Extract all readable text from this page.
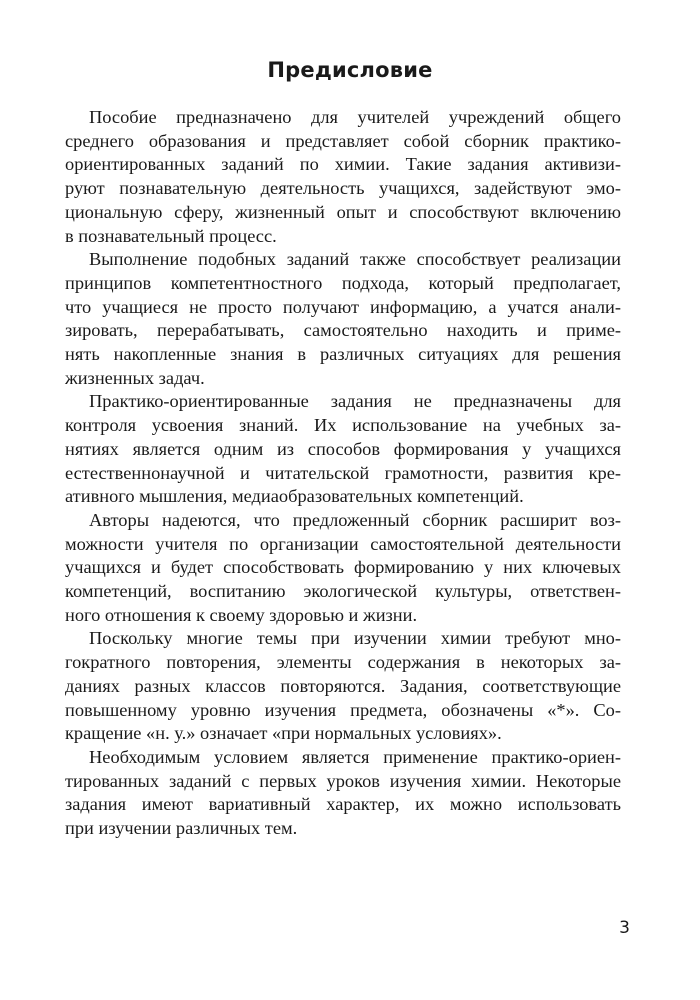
Предисловие
Пособие предназначено для учителей учреждений общего
среднего образования и представляет собой сборник практико-
ориентированных заданий по химии. Такие задания активизи-
руют познавательную деятельность учащихся, задействуют эмо-
циональную сферу, жизненный опыт и способствуют включению
в познавательный процесс.
Выполнение подобных заданий также способствует реализации
принципов компетентностного подхода, который предполагает,
что учащиеся не просто получают информацию, а учатся анали-
зировать, перерабатывать, самостоятельно находить и приме-
нять накопленные знания в различных ситуациях для решения
жизненных задач.
Практико-ориентированные задания не предназначены для
контроля усвоения знаний. Их использование на учебных за-
нятиях является одним из способов формирования у учащихся
естественнонаучной и читательской грамотности, развития кре-
ативного мышления, медиаобразовательных компетенций.
Авторы надеются, что предложенный сборник расширит воз-
можности учителя по организации самостоятельной деятельности
учащихся и будет способствовать формированию у них ключевых
компетенций, воспитанию экологической культуры, ответствен-
ного отношения к своему здоровью и жизни.
Поскольку многие темы при изучении химии требуют мно-
гократного повторения, элементы содержания в некоторых за-
даниях разных классов повторяются. Задания, соответствующие
повышенному уровню изучения предмета, обозначены «*». Со-
кращение «н. у.» означает «при нормальных условиях».
Необходимым условием является применение практико-ориен-
тированных заданий с первых уроков изучения химии. Некоторые
задания имеют вариативный характер, их можно использовать
при изучении различных тем.
3
